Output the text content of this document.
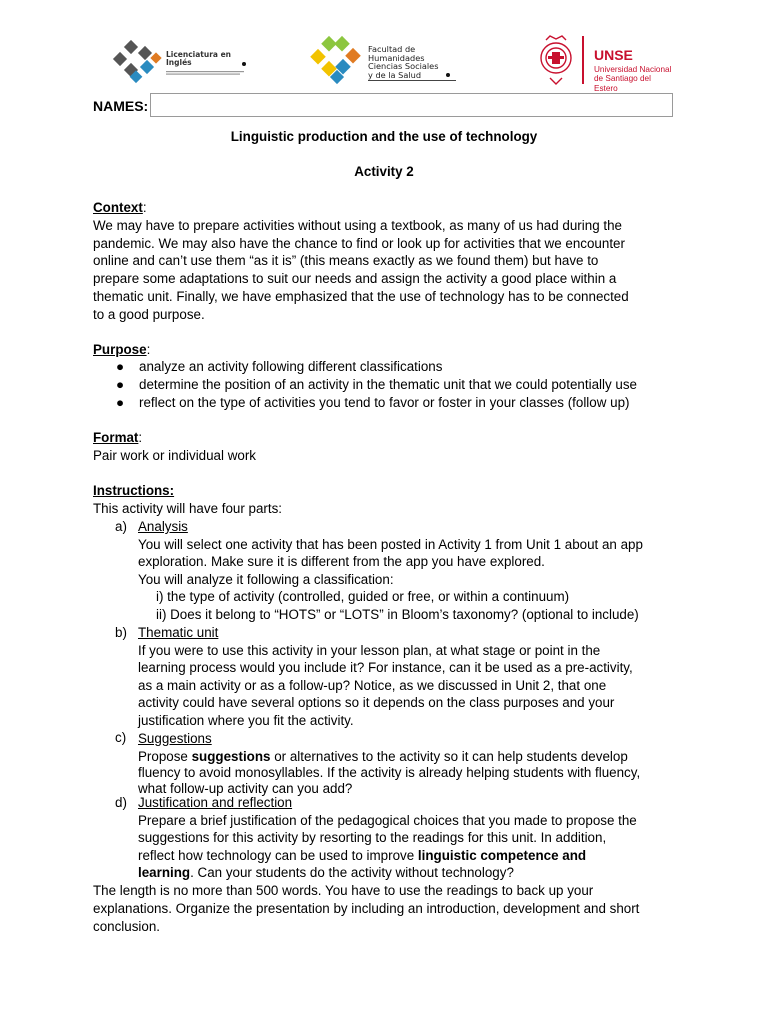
Licenciatura en
Inglés
Facultad de
Humanidades
Ciencias Sociales
y de la Salud
UNSE
Universidad Nacional
de Santiago del Estero
NAMES:
Linguistic production and the use of technology
Activity 2
Context:
We may have to prepare activities without using a textbook, as many of us had during the
pandemic. We may also have the chance to find or look up for activities that we encounter
online and can’t use them “as it is” (this means exactly as we found them) but have to
prepare some adaptations to suit our needs and assign the activity a good place within a
thematic unit. Finally, we have emphasized that the use of technology has to be connected
to a good purpose.
Purpose:
● analyze an activity following different classifications
● determine the position of an activity in the thematic unit that we could potentially use
● reflect on the type of activities you tend to favor or foster in your classes (follow up)
Format:
Pair work or individual work
Instructions:
This activity will have four parts:
a) Analysis
You will select one activity that has been posted in Activity 1 from Unit 1 about an app
exploration. Make sure it is different from the app you have explored.
You will analyze it following a classification:
i) the type of activity (controlled, guided or free, or within a continuum)
ii) Does it belong to “HOTS” or “LOTS” in Bloom’s taxonomy? (optional to include)
b) Thematic unit
If you were to use this activity in your lesson plan, at what stage or point in the
learning process would you include it? For instance, can it be used as a pre-activity,
as a main activity or as a follow-up? Notice, as we discussed in Unit 2, that one
activity could have several options so it depends on the class purposes and your
justification where you fit the activity.
c) Suggestions
Propose suggestions or alternatives to the activity so it can help students develop
fluency to avoid monosyllables. If the activity is already helping students with fluency,
what follow-up activity can you add?
d) Justification and reflection
Prepare a brief justification of the pedagogical choices that you made to propose the
suggestions for this activity by resorting to the readings for this unit. In addition,
reflect how technology can be used to improve linguistic competence and
learning. Can your students do the activity without technology?
The length is no more than 500 words. You have to use the readings to back up your
explanations. Organize the presentation by including an introduction, development and short
conclusion.
